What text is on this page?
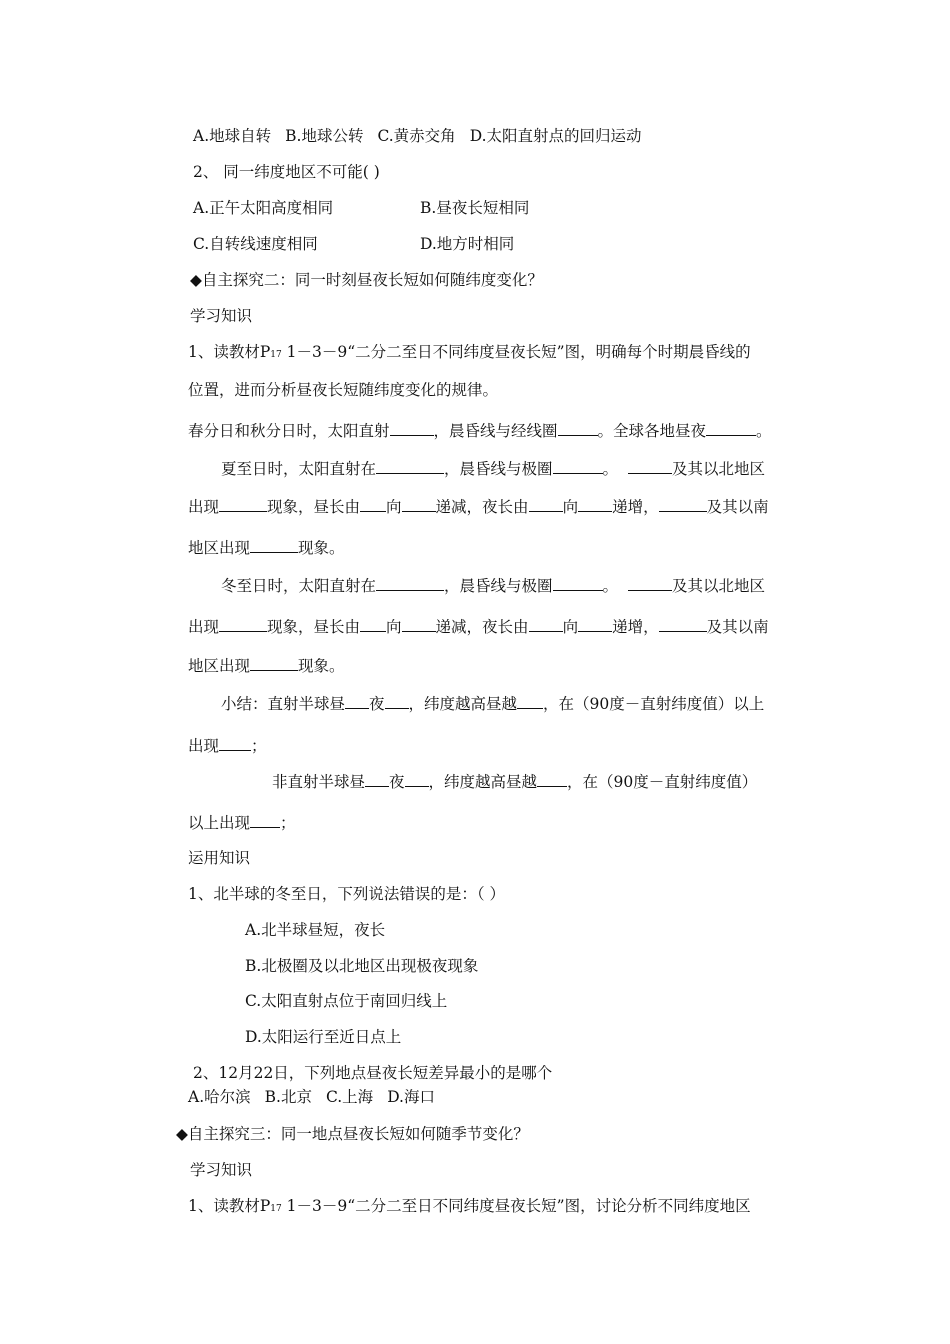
A.地球自转 B.地球公转 C.黄赤交角 D.太阳直射点的回归运动
2、 同一纬度地区不可能( )
A.正午太阳高度相同	B.昼夜长短相同
C.自转线速度相同	D.地方时相同
◆自主探究二：同一时刻昼夜长短如何随纬度变化？
学习知识
1、读教材P17 1－3－9“二分二至日不同纬度昼夜长短”图，明确每个时期晨昏线的
位置，进而分析昼夜长短随纬度变化的规律。
春分日和秋分日时，太阳直射	，晨昏线与经线圈	。全球各地昼夜	。
夏至日时，太阳直射在	，晨昏线与极圈	。	及其以北地区
出现	现象，昼长由 向 递减，夜长由 向 递增，	及其以南
地区出现	现象。
冬至日时，太阳直射在	，晨昏线与极圈	。	及其以北地区
出现	现象，昼长由 向 递减，夜长由 向 递增，	及其以南
地区出现	现象。
小结：直射半球昼 夜 ，纬度越高昼越 ，在（90度－直射纬度值）以上
出现 ；
非直射半球昼 夜 ，纬度越高昼越 ，在（90度－直射纬度值）
以上出现 ；
运用知识
1、北半球的冬至日，下列说法错误的是：（ ）
A.北半球昼短，夜长
B.北极圈及以北地区出现极夜现象
C.太阳直射点位于南回归线上
D.太阳运行至近日点上
2、12月22日，下列地点昼夜长短差异最小的是哪个
A.哈尔滨 B.北京 C.上海 D.海口
◆自主探究三：同一地点昼夜长短如何随季节变化？
学习知识
1、读教材P17 1－3－9“二分二至日不同纬度昼夜长短”图，讨论分析不同纬度地区
